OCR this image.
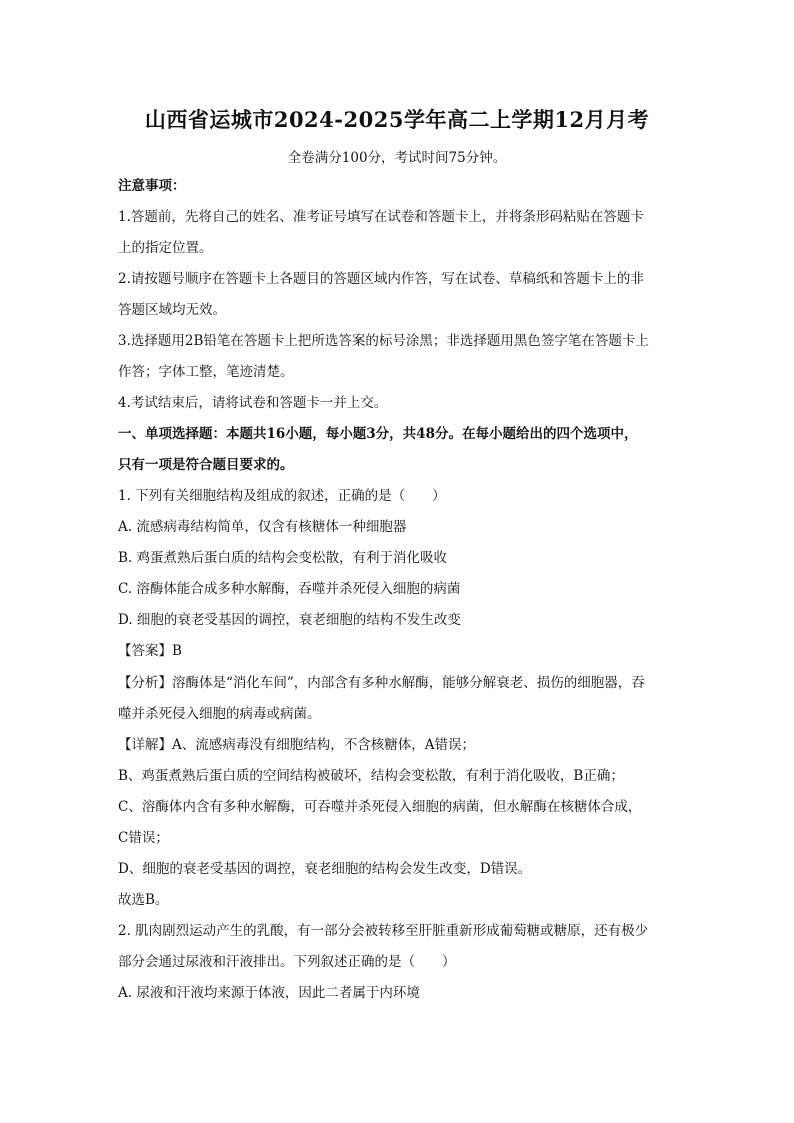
山西省运城市2024-2025学年高二上学期12月月考
全卷满分100分，考试时间75分钟。
注意事项：
1.答题前，先将自己的姓名、准考证号填写在试卷和答题卡上，并将条形码粘贴在答题卡
上的指定位置。
2.请按题号顺序在答题卡上各题目的答题区域内作答，写在试卷、草稿纸和答题卡上的非
答题区域均无效。
3.选择题用2B铅笔在答题卡上把所选答案的标号涂黑；非选择题用黑色签字笔在答题卡上
作答；字体工整，笔迹清楚。
4.考试结束后，请将试卷和答题卡一并上交。
一、单项选择题：本题共16小题，每小题3分，共48分。在每小题给出的四个选项中，
只有一项是符合题目要求的。
1. 下列有关细胞结构及组成的叙述，正确的是（　　）
A. 流感病毒结构简单，仅含有核糖体一种细胞器
B. 鸡蛋煮熟后蛋白质的结构会变松散，有利于消化吸收
C. 溶酶体能合成多种水解酶，吞噬并杀死侵入细胞的病菌
D. 细胞的衰老受基因的调控，衰老细胞的结构不发生改变
【答案】B
【分析】溶酶体是“消化车间”，内部含有多种水解酶，能够分解衰老、损伤的细胞器，吞
噬并杀死侵入细胞的病毒或病菌。
【详解】A、流感病毒没有细胞结构，不含核糖体，A错误；
B、鸡蛋煮熟后蛋白质的空间结构被破坏，结构会变松散，有利于消化吸收，B正确；
C、溶酶体内含有多种水解酶，可吞噬并杀死侵入细胞的病菌，但水解酶在核糖体合成，
C错误；
D、细胞的衰老受基因的调控，衰老细胞的结构会发生改变，D错误。
故选B。
2. 肌肉剧烈运动产生的乳酸，有一部分会被转移至肝脏重新形成葡萄糖或糖原，还有极少
部分会通过尿液和汗液排出。下列叙述正确的是（　　）
A. 尿液和汗液均来源于体液，因此二者属于内环境
